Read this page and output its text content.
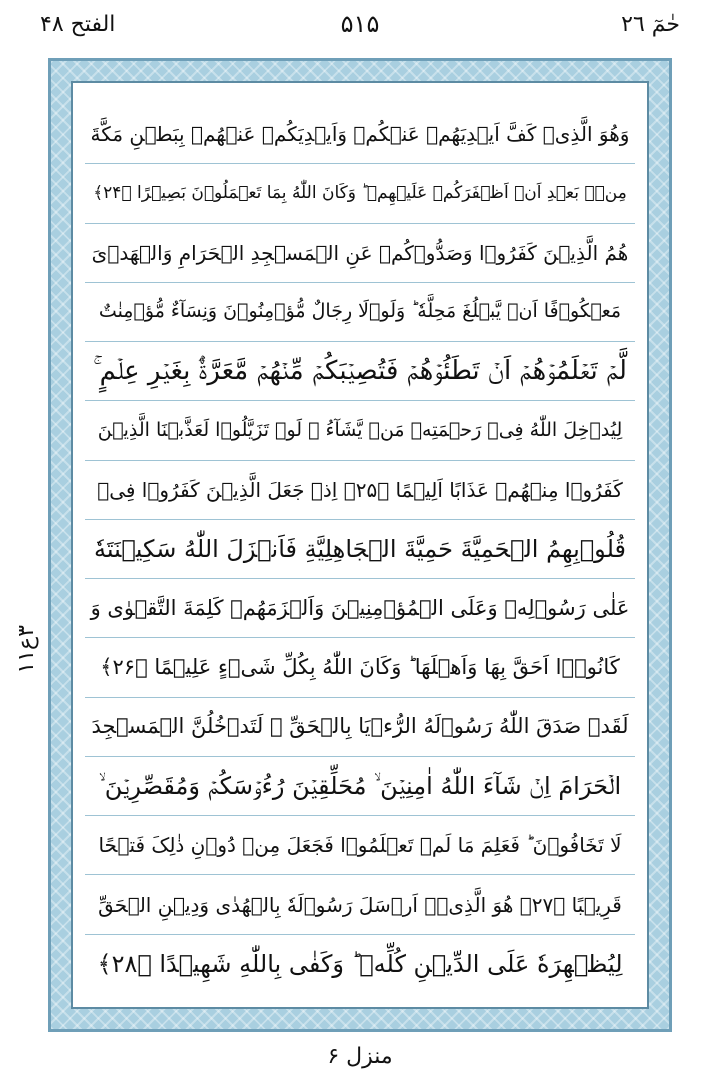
الفتح ۴۸	۵۱۵	حٰمٓ ۲٦
۳ع۱۱
وَهُوَ الَّذِیۡ کَفَّ اَیۡدِیَهُمۡ عَنۡکُمۡ وَاَیۡدِیَکُمۡ عَنۡهُمۡ بِبَطۡنِ مَکَّةَ
مِنۡۢ بَعۡدِ اَنۡ اَظۡفَرَکُمۡ عَلَیۡهِمۡ ؕ وَکَانَ اللّٰهُ بِمَا تَعۡمَلُوۡنَ بَصِیۡرًا ﴿۲۴﴾
هُمُ الَّذِیۡنَ کَفَرُوۡا وَصَدُّوۡکُمۡ عَنِ الۡمَسۡجِدِ الۡحَرَامِ وَالۡهَدۡیَ
مَعۡکُوۡفًا اَنۡ یَّبۡلُغَ مَحِلَّهٗ ؕ وَلَوۡلَا رِجَالٌ مُّؤۡمِنُوۡنَ وَنِسَآءٌ مُّؤۡمِنٰتٌ
لَّمۡ تَعۡلَمُوۡهُمۡ اَنۡ تَطَئُوۡهُمۡ فَتُصِیۡبَکُمۡ مِّنۡهُمۡ مَّعَرَّةٌۢ بِغَیۡرِ عِلۡمٍ ۚ
لِیُدۡخِلَ اللّٰهُ فِیۡ رَحۡمَتِهٖ مَنۡ یَّشَآءُ ۚ لَوۡ تَزَیَّلُوۡا لَعَذَّبۡنَا الَّذِیۡنَ
کَفَرُوۡا مِنۡهُمۡ عَذَابًا اَلِیۡمًا ﴿۲۵﴾ اِذۡ جَعَلَ الَّذِیۡنَ کَفَرُوۡا فِیۡ
قُلُوۡبِهِمُ الۡحَمِیَّةَ حَمِیَّةَ الۡجَاهِلِیَّةِ فَاَنۡزَلَ اللّٰهُ سَکِیۡنَتَهٗ
عَلٰی رَسُوۡلِهٖ وَعَلَی الۡمُؤۡمِنِیۡنَ وَاَلۡزَمَهُمۡ کَلِمَةَ التَّقۡوٰی وَ
کَانُوۡۤا اَحَقَّ بِهَا وَاَهۡلَهَا ؕ وَکَانَ اللّٰهُ بِکُلِّ شَیۡءٍ عَلِیۡمًا ﴿۲۶﴾
لَقَدۡ صَدَقَ اللّٰهُ رَسُوۡلَهُ الرُّءۡیَا بِالۡحَقِّ ۚ لَتَدۡخُلُنَّ الۡمَسۡجِدَ
الۡحَرَامَ اِنۡ شَآءَ اللّٰهُ اٰمِنِیۡنَ ۙ مُحَلِّقِیۡنَ رُءُوۡسَکُمۡ وَمُقَصِّرِیۡنَ ۙ
لَا تَخَافُوۡنَ ؕ فَعَلِمَ مَا لَمۡ تَعۡلَمُوۡا فَجَعَلَ مِنۡ دُوۡنِ ذٰلِکَ فَتۡحًا
قَرِیۡبًا ﴿۲۷﴾ هُوَ الَّذِیۡۤ اَرۡسَلَ رَسُوۡلَهٗ بِالۡهُدٰی وَدِیۡنِ الۡحَقِّ
لِیُظۡهِرَهٗ عَلَی الدِّیۡنِ کُلِّهٖ ؕ وَکَفٰی بِاللّٰهِ شَهِیۡدًا ﴿۲۸﴾
منزل ۶
